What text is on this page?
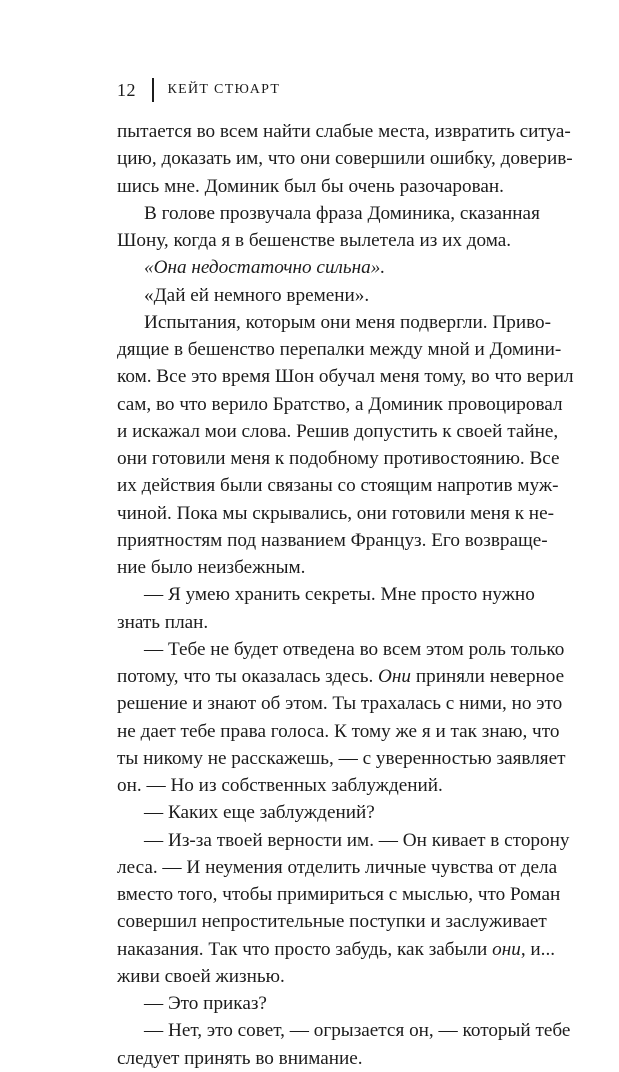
12 КЕЙТ СТЮАРТ
пытается во всем найти слабые места, извратить ситуа-
цию, доказать им, что они совершили ошибку, доверив-
шись мне. Доминик был бы очень разочарован.
В голове прозвучала фраза Доминика, сказанная
Шону, когда я в бешенстве вылетела из их дома.
«Она недостаточно сильна».
«Дай ей немного времени».
Испытания, которым они меня подвергли. Приво-
дящие в бешенство перепалки между мной и Домини-
ком. Все это время Шон обучал меня тому, во что верил
сам, во что верило Братство, а Доминик провоцировал
и искажал мои слова. Решив допустить к своей тайне,
они готовили меня к подобному противостоянию. Все
их действия были связаны со стоящим напротив муж-
чиной. Пока мы скрывались, они готовили меня к не-
приятностям под названием Француз. Его возвраще-
ние было неизбежным.
— Я умею хранить секреты. Мне просто нужно
знать план.
— Тебе не будет отведена во всем этом роль только
потому, что ты оказалась здесь. Они приняли неверное
решение и знают об этом. Ты трахалась с ними, но это
не дает тебе права голоса. К тому же я и так знаю, что
ты никому не расскажешь, — с уверенностью заявляет
он. — Но из собственных заблуждений.
— Каких еще заблуждений?
— Из-за твоей верности им. — Он кивает в сторону
леса. — И неумения отделить личные чувства от дела
вместо того, чтобы примириться с мыслью, что Роман
совершил непростительные поступки и заслуживает
наказания. Так что просто забудь, как забыли они, и...
живи своей жизнью.
— Это приказ?
— Нет, это совет, — огрызается он, — который тебе
следует принять во внимание.
